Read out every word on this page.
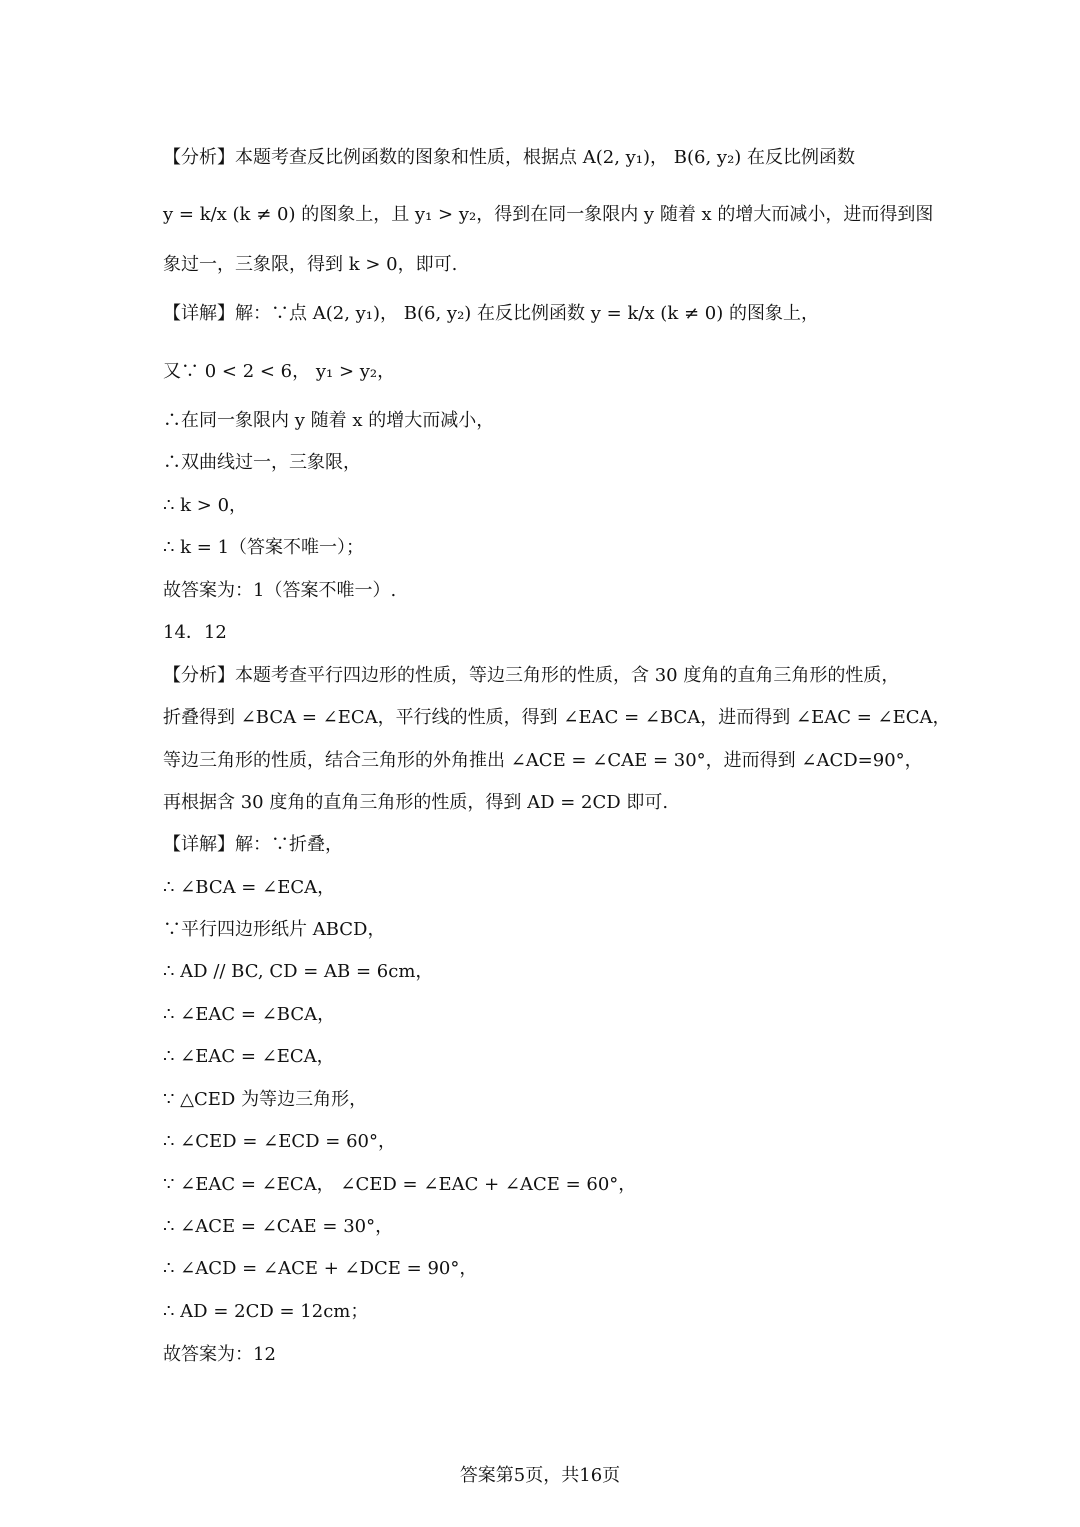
【分析】本题考查反比例函数的图象和性质，根据点 A(2, y₁)， B(6, y₂) 在反比例函数
y = k/x (k ≠ 0) 的图象上，且 y₁ > y₂，得到在同一象限内 y 随着 x 的增大而减小，进而得到图
象过一，三象限，得到 k > 0，即可.
【详解】解：∵点 A(2, y₁)， B(6, y₂) 在反比例函数 y = k/x (k ≠ 0) 的图象上，
又∵ 0 < 2 < 6， y₁ > y₂，
∴在同一象限内 y 随着 x 的增大而减小，
∴双曲线过一，三象限，
∴ k > 0，
∴ k = 1（答案不唯一）；
故答案为：1（答案不唯一）.
14．12
【分析】本题考查平行四边形的性质，等边三角形的性质，含 30 度角的直角三角形的性质，
折叠得到 ∠BCA = ∠ECA，平行线的性质，得到 ∠EAC = ∠BCA，进而得到 ∠EAC = ∠ECA，
等边三角形的性质，结合三角形的外角推出 ∠ACE = ∠CAE = 30°，进而得到 ∠ACD=90°，
再根据含 30 度角的直角三角形的性质，得到 AD = 2CD 即可.
【详解】解：∵折叠，
∴ ∠BCA = ∠ECA，
∵平行四边形纸片 ABCD，
∴ AD // BC, CD = AB = 6cm，
∴ ∠EAC = ∠BCA，
∴ ∠EAC = ∠ECA，
∵ △CED 为等边三角形，
∴ ∠CED = ∠ECD = 60°，
∵ ∠EAC = ∠ECA， ∠CED = ∠EAC + ∠ACE = 60°，
∴ ∠ACE = ∠CAE = 30°，
∴ ∠ACD = ∠ACE + ∠DCE = 90°，
∴ AD = 2CD = 12cm；
故答案为：12
答案第5页，共16页
